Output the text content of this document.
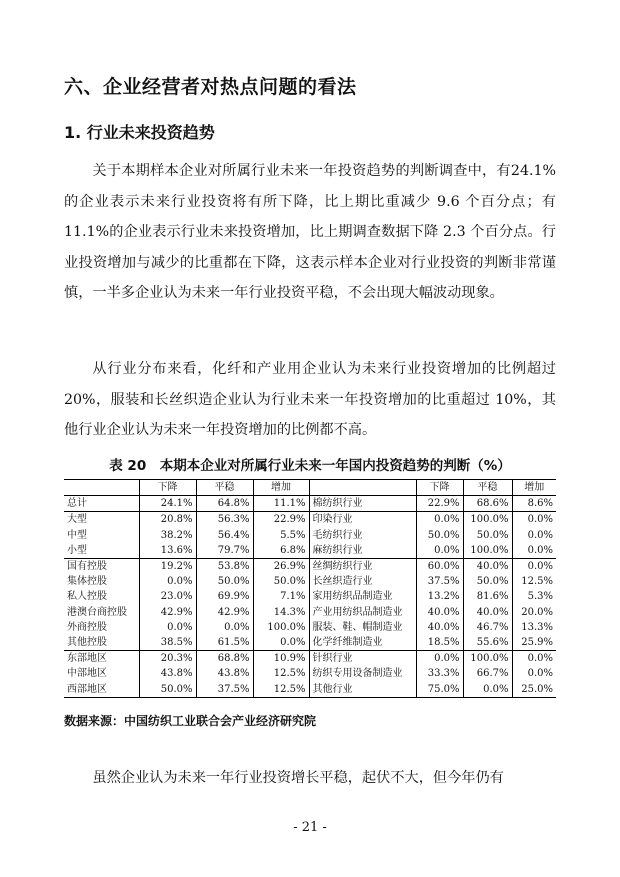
六、企业经营者对热点问题的看法
1. 行业未来投资趋势

关于本期样本企业对所属行业未来一年投资趋势的判断调查中，有24.1%的企业表示未来行业投资将有所下降，比上期比重减少 9.6 个百分点；有 11.1%的企业表示行业未来投资增加，比上期调查数据下降 2.3 个百分点。行业投资增加与减少的比重都在下降，这表示样本企业对行业投资的判断非常谨慎，一半多企业认为未来一年行业投资平稳，不会出现大幅波动现象。

从行业分布来看，化纤和产业用企业认为未来行业投资增加的比例超过 20%，服装和长丝织造企业认为行业未来一年投资增加的比重超过 10%，其他行业企业认为未来一年投资增加的比例都不高。

表 20　本期本企业对所属行业未来一年国内投资趋势的判断（%）
	下降	平稳	增加		下降	平稳	增加
总计	24.1%	64.8%	11.1%	棉纺织行业	22.9%	68.6%	8.6%
大型	20.8%	56.3%	22.9%	印染行业	0.0%	100.0%	0.0%
中型	38.2%	56.4%	5.5%	毛纺织行业	50.0%	50.0%	0.0%
小型	13.6%	79.7%	6.8%	麻纺织行业	0.0%	100.0%	0.0%
国有控股	19.2%	53.8%	26.9%	丝绸纺织行业	60.0%	40.0%	0.0%
集体控股	0.0%	50.0%	50.0%	长丝织造行业	37.5%	50.0%	12.5%
私人控股	23.0%	69.9%	7.1%	家用纺织品制造业	13.2%	81.6%	5.3%
港澳台商控股	42.9%	42.9%	14.3%	产业用纺织品制造业	40.0%	40.0%	20.0%
外商控股	0.0%	0.0%	100.0%	服装、鞋、帽制造业	40.0%	46.7%	13.3%
其他控股	38.5%	61.5%	0.0%	化学纤维制造业	18.5%	55.6%	25.9%
东部地区	20.3%	68.8%	10.9%	针织行业	0.0%	100.0%	0.0%
中部地区	43.8%	43.8%	12.5%	纺织专用设备制造业	33.3%	66.7%	0.0%
西部地区	50.0%	37.5%	12.5%	其他行业	75.0%	0.0%	25.0%
数据来源：中国纺织工业联合会产业经济研究院

虽然企业认为未来一年行业投资增长平稳，起伏不大，但今年仍有

- 21 -
